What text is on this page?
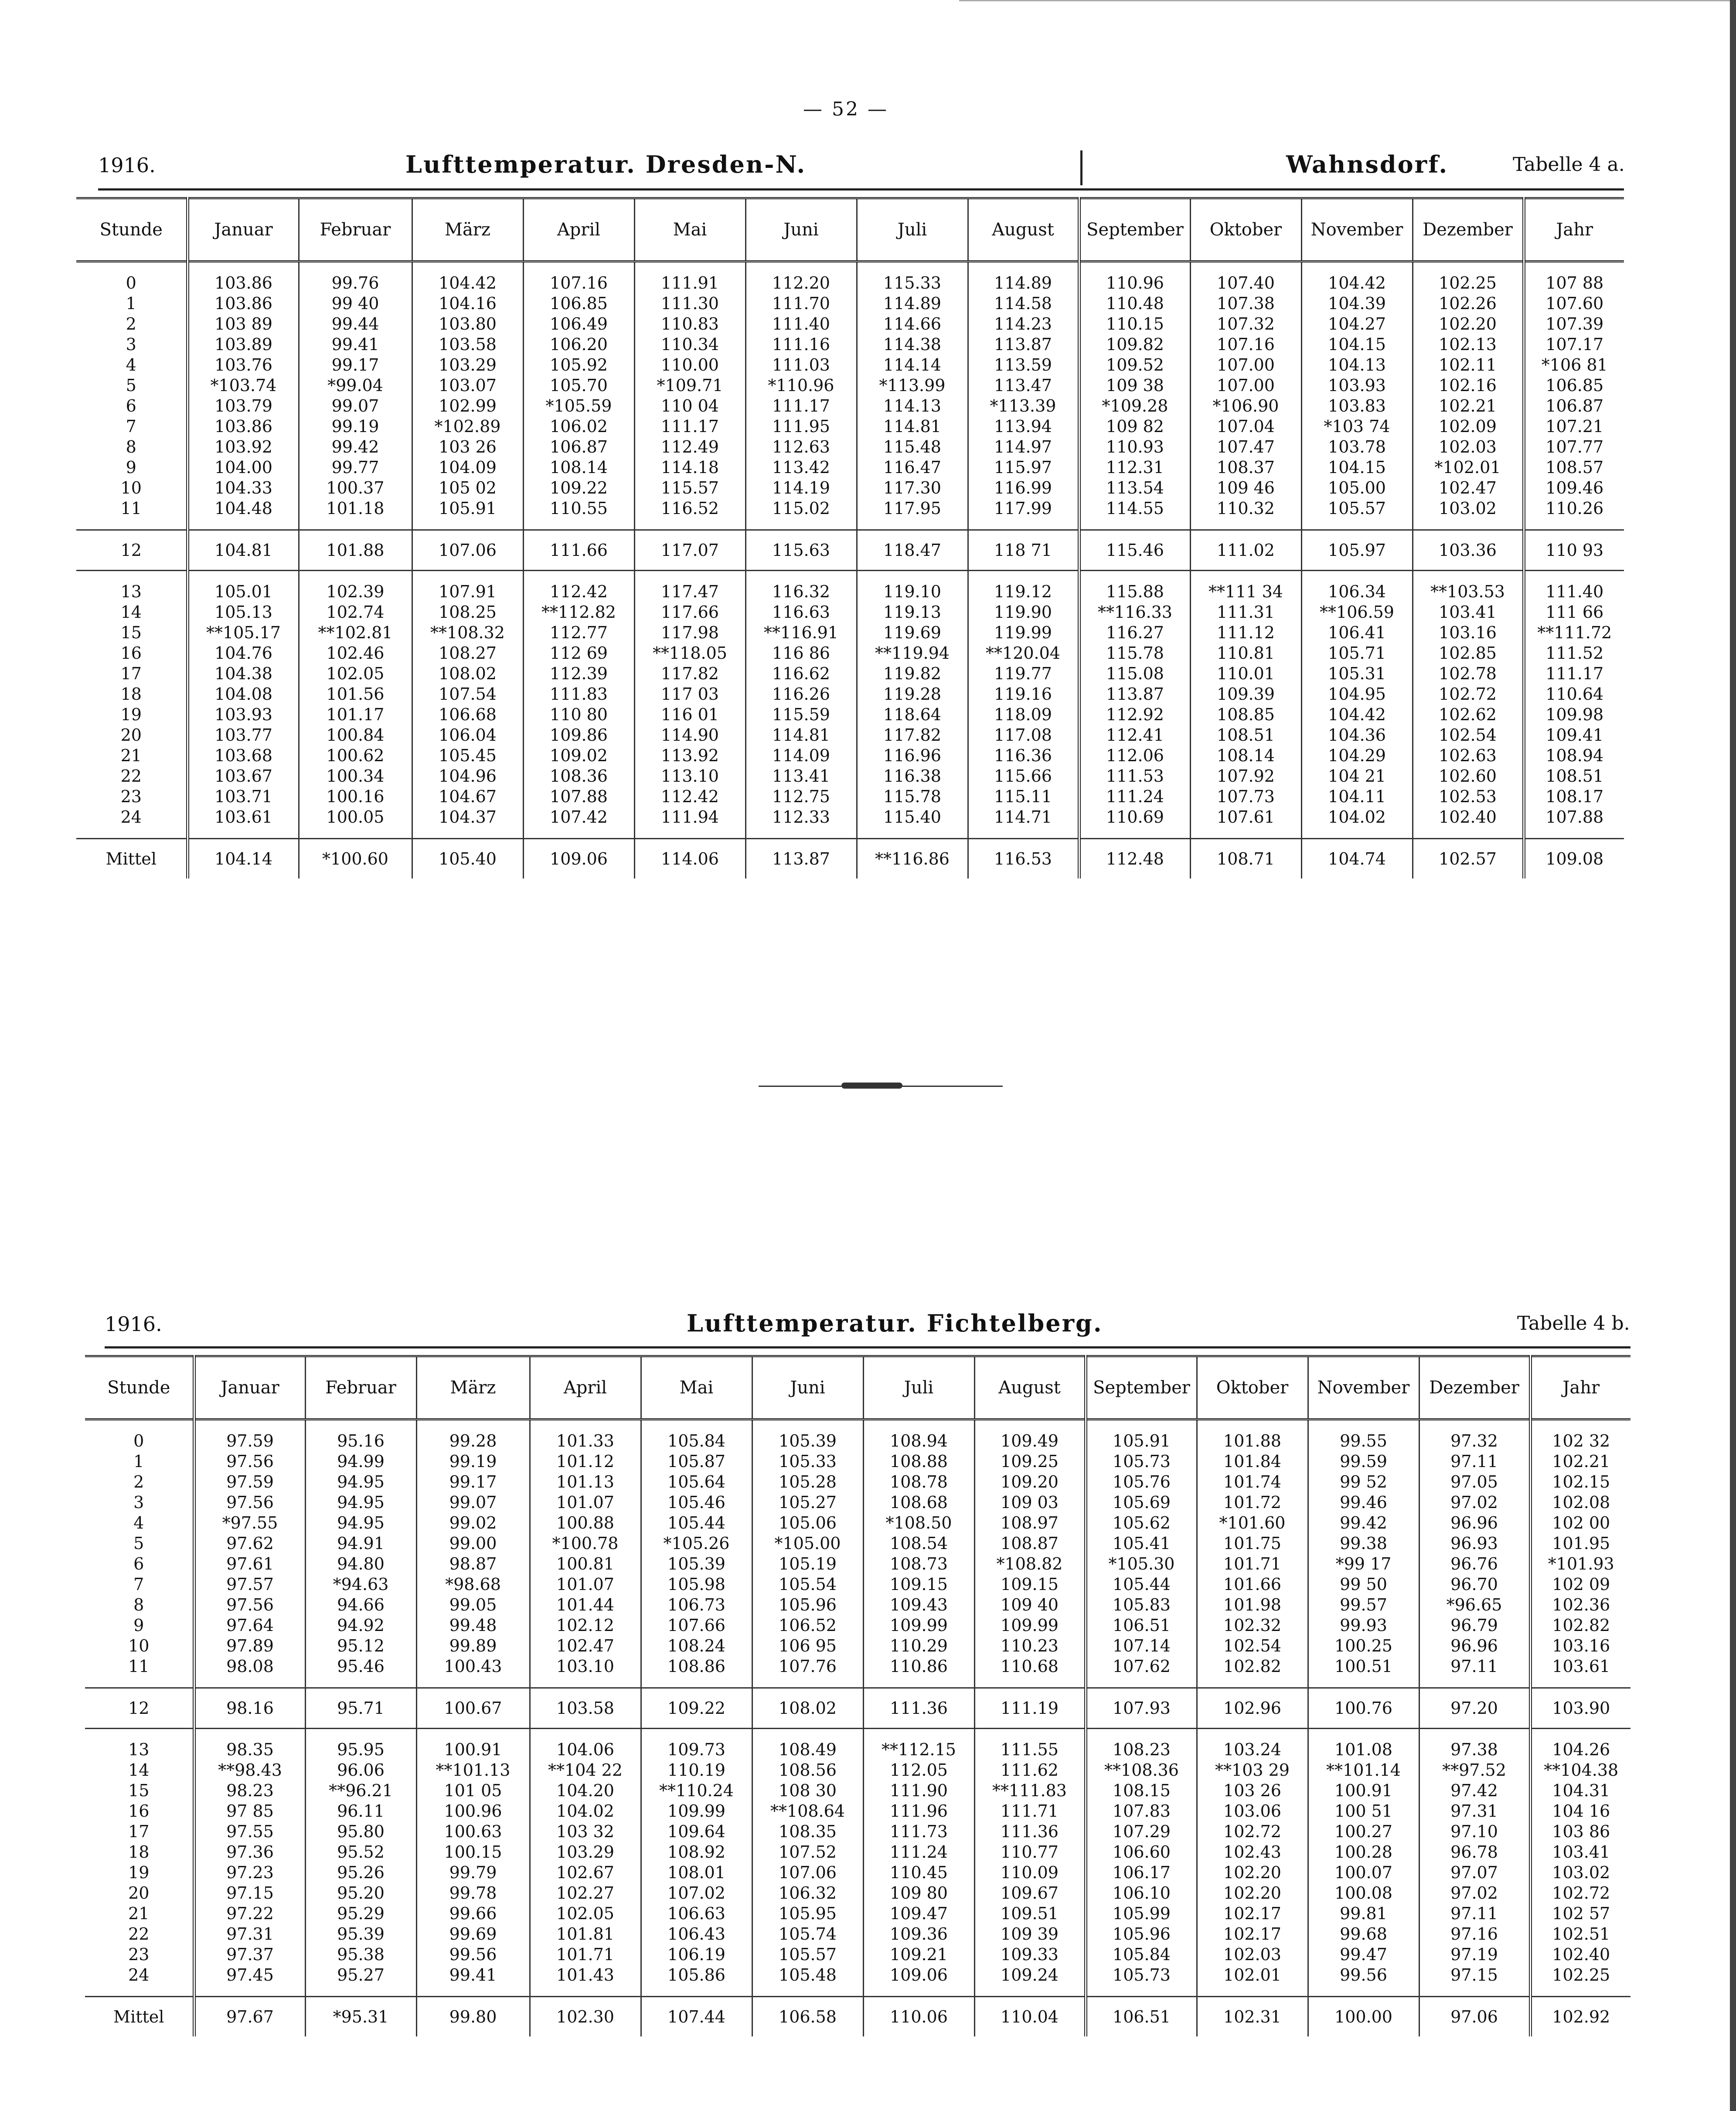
— 52 —
1916.	Lufttemperatur. Dresden-N.	Wahnsdorf.	Tabelle 4 a.
Stunde	Januar	Februar	März	April	Mai	Juni	Juli	August	September	Oktober	November	Dezember	Jahr

0	103.86	99.76	104.42	107.16	111.91	112.20	115.33	114.89	110.96	107.40	104.42	102.25	107 88
1	103.86	99 40	104.16	106.85	111.30	111.70	114.89	114.58	110.48	107.38	104.39	102.26	107.60
2	103 89	99.44	103.80	106.49	110.83	111.40	114.66	114.23	110.15	107.32	104.27	102.20	107.39
3	103.89	99.41	103.58	106.20	110.34	111.16	114.38	113.87	109.82	107.16	104.15	102.13	107.17
4	103.76	99.17	103.29	105.92	110.00	111.03	114.14	113.59	109.52	107.00	104.13	102.11	*106 81
5	*103.74	*99.04	103.07	105.70	*109.71	*110.96	*113.99	113.47	109 38	107.00	103.93	102.16	106.85
6	103.79	99.07	102.99	*105.59	110 04	111.17	114.13	*113.39	*109.28	*106.90	103.83	102.21	106.87
7	103.86	99.19	*102.89	106.02	111.17	111.95	114.81	113.94	109 82	107.04	*103 74	102.09	107.21
8	103.92	99.42	103 26	106.87	112.49	112.63	115.48	114.97	110.93	107.47	103.78	102.03	107.77
9	104.00	99.77	104.09	108.14	114.18	113.42	116.47	115.97	112.31	108.37	104.15	*102.01	108.57
10	104.33	100.37	105 02	109.22	115.57	114.19	117.30	116.99	113.54	109 46	105.00	102.47	109.46
11	104.48	101.18	105.91	110.55	116.52	115.02	117.95	117.99	114.55	110.32	105.57	103.02	110.26

12	104.81	101.88	107.06	111.66	117.07	115.63	118.47	118 71	115.46	111.02	105.97	103.36	110 93

13	105.01	102.39	107.91	112.42	117.47	116.32	119.10	119.12	115.88	**111 34	106.34	**103.53	111.40
14	105.13	102.74	108.25	**112.82	117.66	116.63	119.13	119.90	**116.33	111.31	**106.59	103.41	111 66
15	**105.17	**102.81	**108.32	112.77	117.98	**116.91	119.69	119.99	116.27	111.12	106.41	103.16	**111.72
16	104.76	102.46	108.27	112 69	**118.05	116 86	**119.94	**120.04	115.78	110.81	105.71	102.85	111.52
17	104.38	102.05	108.02	112.39	117.82	116.62	119.82	119.77	115.08	110.01	105.31	102.78	111.17
18	104.08	101.56	107.54	111.83	117 03	116.26	119.28	119.16	113.87	109.39	104.95	102.72	110.64
19	103.93	101.17	106.68	110 80	116 01	115.59	118.64	118.09	112.92	108.85	104.42	102.62	109.98
20	103.77	100.84	106.04	109.86	114.90	114.81	117.82	117.08	112.41	108.51	104.36	102.54	109.41
21	103.68	100.62	105.45	109.02	113.92	114.09	116.96	116.36	112.06	108.14	104.29	102.63	108.94
22	103.67	100.34	104.96	108.36	113.10	113.41	116.38	115.66	111.53	107.92	104 21	102.60	108.51
23	103.71	100.16	104.67	107.88	112.42	112.75	115.78	115.11	111.24	107.73	104.11	102.53	108.17
24	103.61	100.05	104.37	107.42	111.94	112.33	115.40	114.71	110.69	107.61	104.02	102.40	107.88

Mittel	104.14	*100.60	105.40	109.06	114.06	113.87	**116.86	116.53	112.48	108.71	104.74	102.57	109.08
1916.	Lufttemperatur. Fichtelberg.	Tabelle 4 b.
Stunde	Januar	Februar	März	April	Mai	Juni	Juli	August	September	Oktober	November	Dezember	Jahr

0	97.59	95.16	99.28	101.33	105.84	105.39	108.94	109.49	105.91	101.88	99.55	97.32	102 32
1	97.56	94.99	99.19	101.12	105.87	105.33	108.88	109.25	105.73	101.84	99.59	97.11	102.21
2	97.59	94.95	99.17	101.13	105.64	105.28	108.78	109.20	105.76	101.74	99 52	97.05	102.15
3	97.56	94.95	99.07	101.07	105.46	105.27	108.68	109 03	105.69	101.72	99.46	97.02	102.08
4	*97.55	94.95	99.02	100.88	105.44	105.06	*108.50	108.97	105.62	*101.60	99.42	96.96	102 00
5	97.62	94.91	99.00	*100.78	*105.26	*105.00	108.54	108.87	105.41	101.75	99.38	96.93	101.95
6	97.61	94.80	98.87	100.81	105.39	105.19	108.73	*108.82	*105.30	101.71	*99 17	96.76	*101.93
7	97.57	*94.63	*98.68	101.07	105.98	105.54	109.15	109.15	105.44	101.66	99 50	96.70	102 09
8	97.56	94.66	99.05	101.44	106.73	105.96	109.43	109 40	105.83	101.98	99.57	*96.65	102.36
9	97.64	94.92	99.48	102.12	107.66	106.52	109.99	109.99	106.51	102.32	99.93	96.79	102.82
10	97.89	95.12	99.89	102.47	108.24	106 95	110.29	110.23	107.14	102.54	100.25	96.96	103.16
11	98.08	95.46	100.43	103.10	108.86	107.76	110.86	110.68	107.62	102.82	100.51	97.11	103.61

12	98.16	95.71	100.67	103.58	109.22	108.02	111.36	111.19	107.93	102.96	100.76	97.20	103.90

13	98.35	95.95	100.91	104.06	109.73	108.49	**112.15	111.55	108.23	103.24	101.08	97.38	104.26
14	**98.43	96.06	**101.13	**104 22	110.19	108.56	112.05	111.62	**108.36	**103 29	**101.14	**97.52	**104.38
15	98.23	**96.21	101 05	104.20	**110.24	108 30	111.90	**111.83	108.15	103 26	100.91	97.42	104.31
16	97 85	96.11	100.96	104.02	109.99	**108.64	111.96	111.71	107.83	103.06	100 51	97.31	104 16
17	97.55	95.80	100.63	103 32	109.64	108.35	111.73	111.36	107.29	102.72	100.27	97.10	103 86
18	97.36	95.52	100.15	103.29	108.92	107.52	111.24	110.77	106.60	102.43	100.28	96.78	103.41
19	97.23	95.26	99.79	102.67	108.01	107.06	110.45	110.09	106.17	102.20	100.07	97.07	103.02
20	97.15	95.20	99.78	102.27	107.02	106.32	109 80	109.67	106.10	102.20	100.08	97.02	102.72
21	97.22	95.29	99.66	102.05	106.63	105.95	109.47	109.51	105.99	102.17	99.81	97.11	102 57
22	97.31	95.39	99.69	101.81	106.43	105.74	109.36	109 39	105.96	102.17	99.68	97.16	102.51
23	97.37	95.38	99.56	101.71	106.19	105.57	109.21	109.33	105.84	102.03	99.47	97.19	102.40
24	97.45	95.27	99.41	101.43	105.86	105.48	109.06	109.24	105.73	102.01	99.56	97.15	102.25

Mittel	97.67	*95.31	99.80	102.30	107.44	106.58	110.06	110.04	106.51	102.31	100.00	97.06	102.92
